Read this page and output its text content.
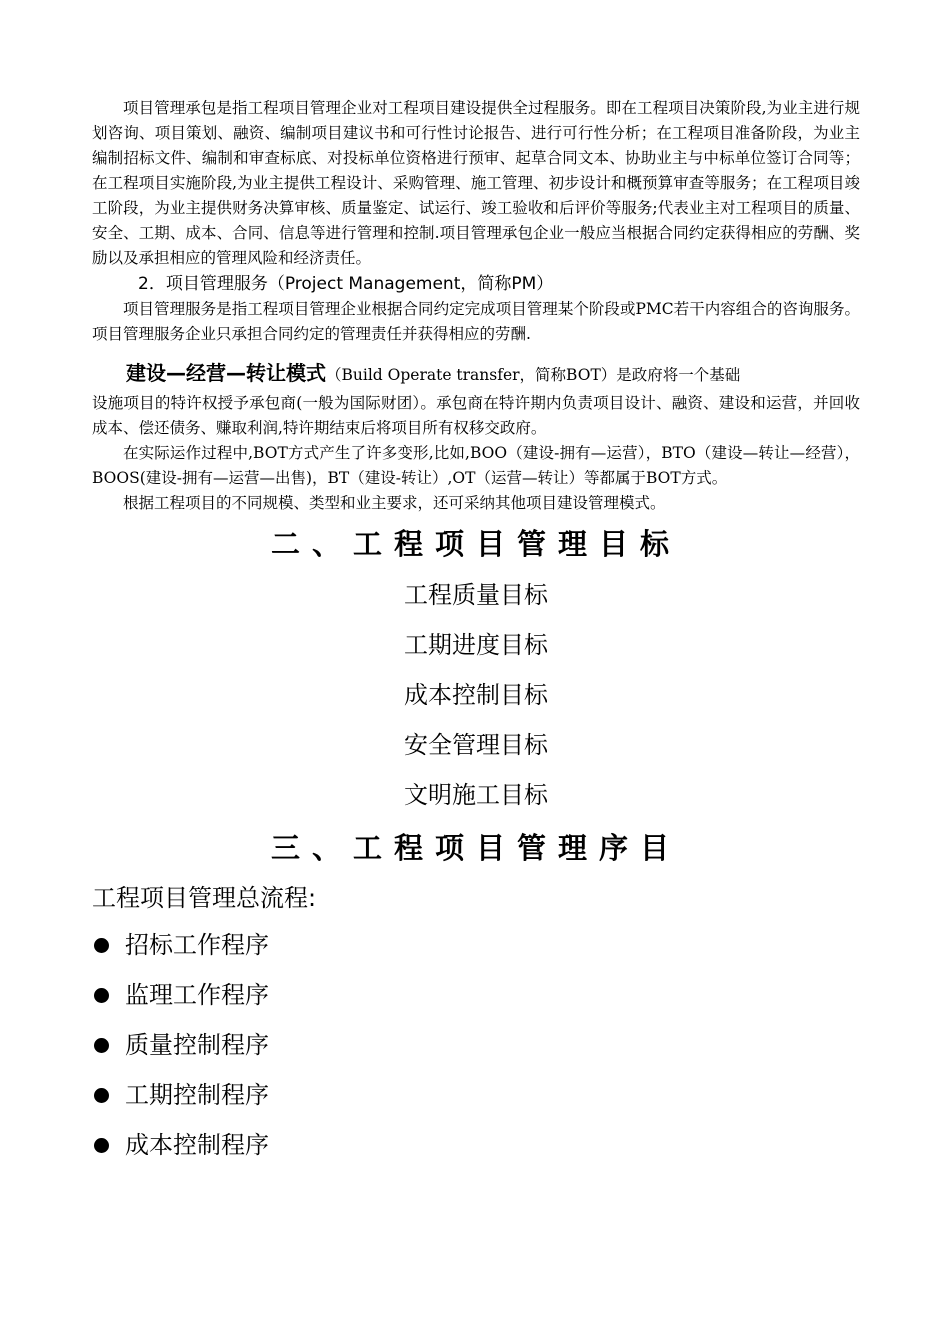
项目管理承包是指工程项目管理企业对工程项目建设提供全过程服务。即在工程项目决策阶段,为业主进行规划咨询、项目策划、融资、编制项目建议书和可行性讨论报告、进行可行性分析；在工程项目准备阶段，为业主编制招标文件、编制和审查标底、对投标单位资格进行预审、起草合同文本、协助业主与中标单位签订合同等；在工程项目实施阶段,为业主提供工程设计、采购管理、施工管理、初步设计和概预算审查等服务；在工程项目竣工阶段，为业主提供财务决算审核、质量鉴定、试运行、竣工验收和后评价等服务;代表业主对工程项目的质量、安全、工期、成本、合同、信息等进行管理和控制.项目管理承包企业一般应当根据合同约定获得相应的劳酬、奖励以及承担相应的管理风险和经济责任。

2．项目管理服务（Project Management，简称PM）

项目管理服务是指工程项目管理企业根据合同约定完成项目管理某个阶段或PMC若干内容组合的咨询服务。项目管理服务企业只承担合同约定的管理责任并获得相应的劳酬.

建设—经营—转让模式（Build Operate transfer，简称BOT）是政府将一个基础
设施项目的特许权授予承包商(一般为国际财团）。承包商在特许期内负责项目设计、融资、建设和运营，并回收成本、偿还债务、赚取利润,特许期结束后将项目所有权移交政府。

在实际运作过程中,BOT方式产生了许多变形,比如,BOO（建设-拥有—运营），BTO（建设—转让—经营），BOOS(建设-拥有—运营—出售)，BT（建设-转让）,OT（运营—转让）等都属于BOT方式。

根据工程项目的不同规模、类型和业主要求，还可采纳其他项目建设管理模式。

二、工程项目管理目标

工程质量目标

工期进度目标

成本控制目标

安全管理目标

文明施工目标

三、工程项目管理序目

工程项目管理总流程:

招标工作程序
监理工作程序
质量控制程序
工期控制程序
成本控制程序
